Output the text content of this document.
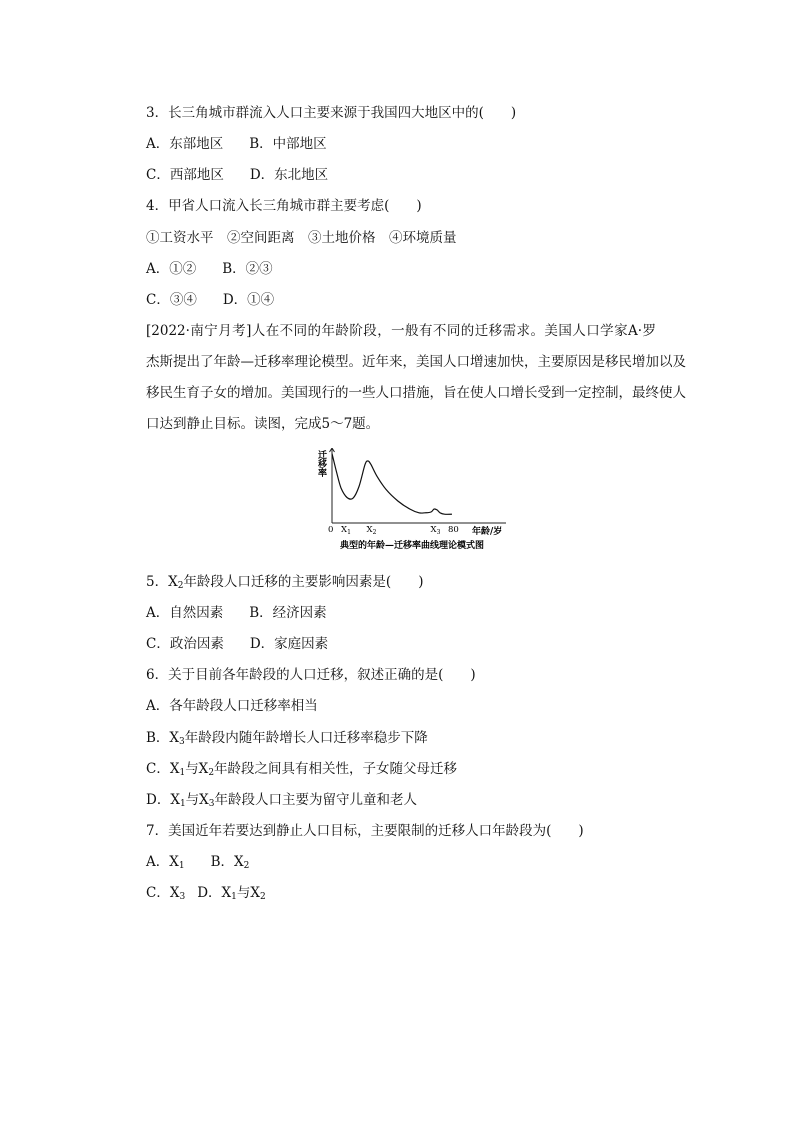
3．长三角城市群流入人口主要来源于我国四大地区中的(　　)
A．东部地区 B．中部地区
C．西部地区 D．东北地区
4．甲省人口流入长三角城市群主要考虑(　　)
①工资水平　②空间距离　③土地价格　④环境质量
A．①② B．②③
C．③④ D．①④
[2022·南宁月考]人在不同的年龄阶段，一般有不同的迁移需求。美国人口学家A·罗
杰斯提出了年龄—迁移率理论模型。近年来，美国人口增速加快，主要原因是移民增加以及
移民生育子女的增加。美国现行的一些人口措施，旨在使人口增长受到一定控制，最终使人
口达到静止目标。读图，完成5～7题。
迁移率
0 $X_1$ $X_2$	$X_3$ 80 年龄/岁
典型的年龄—迁移率曲线理论模式图
5．$X_2$年龄段人口迁移的主要影响因素是(　　)
A．自然因素 B．经济因素
C．政治因素 D．家庭因素
6．关于目前各年龄段的人口迁移，叙述正确的是(　　)
A．各年龄段人口迁移率相当
B．$X_3$年龄段内随年龄增长人口迁移率稳步下降
C．$X_1$与$X_2$年龄段之间具有相关性，子女随父母迁移
D．$X_1$与$X_3$年龄段人口主要为留守儿童和老人
7．美国近年若要达到静止人口目标，主要限制的迁移人口年龄段为(　　)
A．$X_1$ B．$X_2$
C．$X_3$ D．$X_1$与$X_2$
